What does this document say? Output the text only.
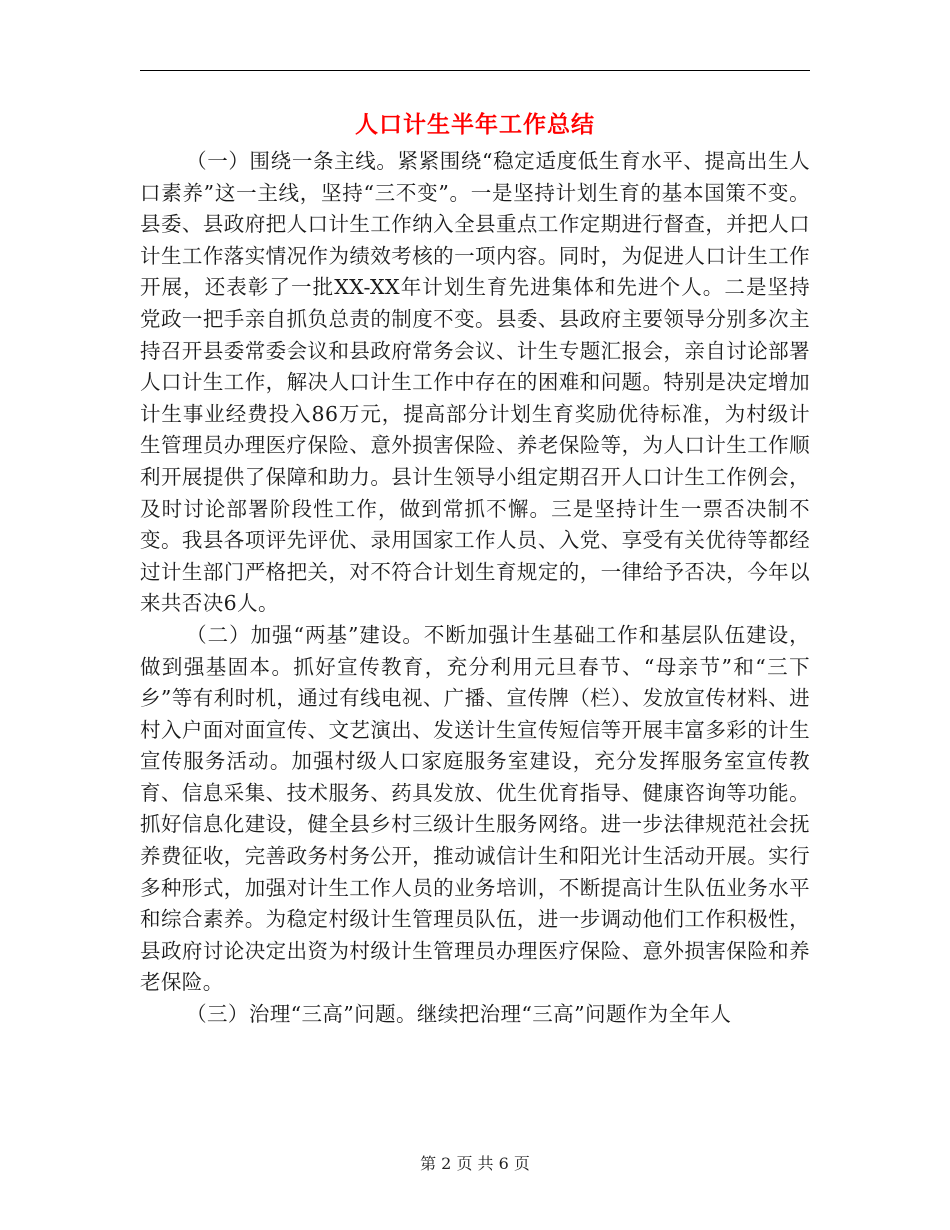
人口计生半年工作总结

（一）围绕一条主线。紧紧围绕“稳定适度低生育水平、提高出生人口素养”这一主线，坚持“三不变”。一是坚持计划生育的基本国策不变。县委、县政府把人口计生工作纳入全县重点工作定期进行督查，并把人口计生工作落实情况作为绩效考核的一项内容。同时，为促进人口计生工作开展，还表彰了一批XX-XX年计划生育先进集体和先进个人。二是坚持党政一把手亲自抓负总责的制度不变。县委、县政府主要领导分别多次主持召开县委常委会议和县政府常务会议、计生专题汇报会，亲自讨论部署人口计生工作，解决人口计生工作中存在的困难和问题。特别是决定增加计生事业经费投入86万元，提高部分计划生育奖励优待标准，为村级计生管理员办理医疗保险、意外损害保险、养老保险等，为人口计生工作顺利开展提供了保障和助力。县计生领导小组定期召开人口计生工作例会，及时讨论部署阶段性工作，做到常抓不懈。三是坚持计生一票否决制不变。我县各项评先评优、录用国家工作人员、入党、享受有关优待等都经过计生部门严格把关，对不符合计划生育规定的，一律给予否决，今年以来共否决6人。

（二）加强“两基”建设。不断加强计生基础工作和基层队伍建设，做到强基固本。抓好宣传教育，充分利用元旦春节、“母亲节”和“三下乡”等有利时机，通过有线电视、广播、宣传牌（栏）、发放宣传材料、进村入户面对面宣传、文艺演出、发送计生宣传短信等开展丰富多彩的计生宣传服务活动。加强村级人口家庭服务室建设，充分发挥服务室宣传教育、信息采集、技术服务、药具发放、优生优育指导、健康咨询等功能。抓好信息化建设，健全县乡村三级计生服务网络。进一步法律规范社会抚养费征收，完善政务村务公开，推动诚信计生和阳光计生活动开展。实行多种形式，加强对计生工作人员的业务培训，不断提高计生队伍业务水平和综合素养。为稳定村级计生管理员队伍，进一步调动他们工作积极性，县政府讨论决定出资为村级计生管理员办理医疗保险、意外损害保险和养老保险。

（三）治理“三高”问题。继续把治理“三高”问题作为全年人

第 2 页 共 6 页
